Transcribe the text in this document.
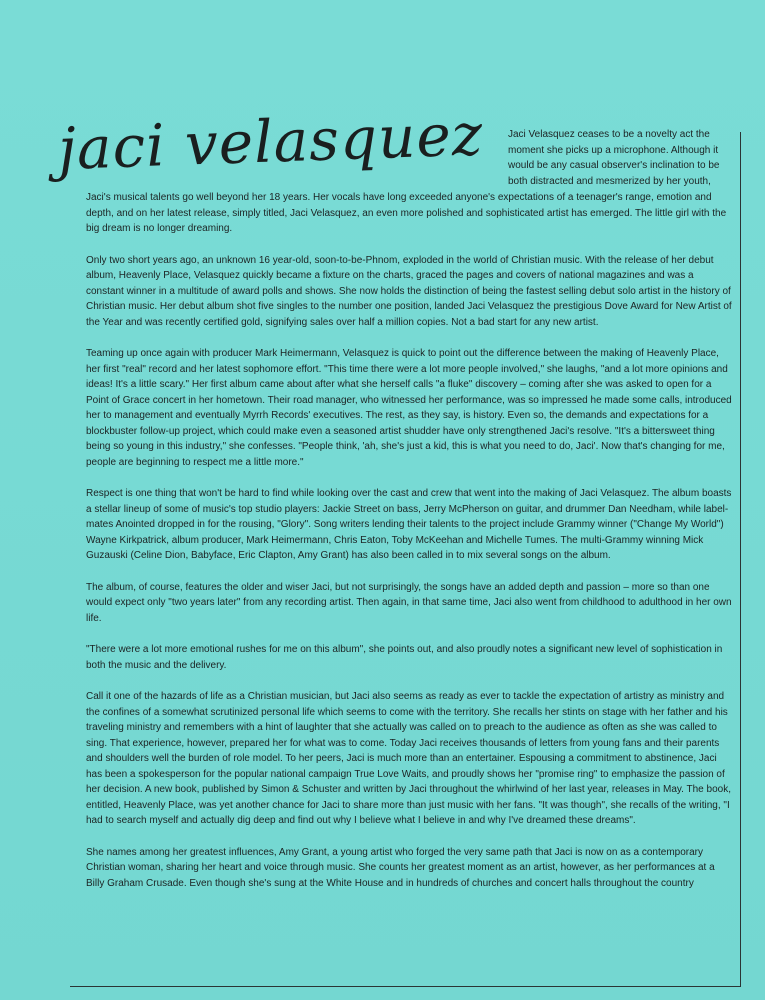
jaci velasquez	Jaci Velasquez ceases to be a novelty act the moment she picks up a microphone. Although it would be any casual observer's inclination to be both distracted and mesmerized by her youth,

Jaci's musical talents go well beyond her 18 years. Her vocals have long exceeded anyone's expectations of a teenager's range, emotion and depth, and on her latest release, simply titled, Jaci Velasquez, an even more polished and sophisticated artist has emerged. The little girl with the big dream is no longer dreaming.

Only two short years ago, an unknown 16 year-old, soon-to-be-Phnom, exploded in the world of Christian music. With the release of her debut album, Heavenly Place, Velasquez quickly became a fixture on the charts, graced the pages and covers of national magazines and was a constant winner in a multitude of award polls and shows. She now holds the distinction of being the fastest selling debut solo artist in the history of Christian music. Her debut album shot five singles to the number one position, landed Jaci Velasquez the prestigious Dove Award for New Artist of the Year and was recently certified gold, signifying sales over half a million copies. Not a bad start for any new artist.

Teaming up once again with producer Mark Heimermann, Velasquez is quick to point out the difference between the making of Heavenly Place, her first "real" record and her latest sophomore effort. "This time there were a lot more people involved," she laughs, "and a lot more opinions and ideas! It's a little scary." Her first album came about after what she herself calls "a fluke" discovery – coming after she was asked to open for a Point of Grace concert in her hometown. Their road manager, who witnessed her performance, was so impressed he made some calls, introduced her to management and eventually Myrrh Records' executives. The rest, as they say, is history. Even so, the demands and expectations for a blockbuster follow-up project, which could make even a seasoned artist shudder have only strengthened Jaci's resolve. "It's a bittersweet thing being so young in this industry," she confesses. "People think, 'ah, she's just a kid, this is what you need to do, Jaci'. Now that's changing for me, people are beginning to respect me a little more."

Respect is one thing that won't be hard to find while looking over the cast and crew that went into the making of Jaci Velasquez. The album boasts a stellar lineup of some of music's top studio players: Jackie Street on bass, Jerry McPherson on guitar, and drummer Dan Needham, while label-mates Anointed dropped in for the rousing, "Glory". Song writers lending their talents to the project include Grammy winner ("Change My World") Wayne Kirkpatrick, album producer, Mark Heimermann, Chris Eaton, Toby McKeehan and Michelle Tumes. The multi-Grammy winning Mick Guzauski (Celine Dion, Babyface, Eric Clapton, Amy Grant) has also been called in to mix several songs on the album.

The album, of course, features the older and wiser Jaci, but not surprisingly, the songs have an added depth and passion – more so than one would expect only "two years later" from any recording artist. Then again, in that same time, Jaci also went from childhood to adulthood in her own life.

"There were a lot more emotional rushes for me on this album", she points out, and also proudly notes a significant new level of sophistication in both the music and the delivery.

Call it one of the hazards of life as a Christian musician, but Jaci also seems as ready as ever to tackle the expectation of artistry as ministry and the confines of a somewhat scrutinized personal life which seems to come with the territory. She recalls her stints on stage with her father and his traveling ministry and remembers with a hint of laughter that she actually was called on to preach to the audience as often as she was called to sing. That experience, however, prepared her for what was to come. Today Jaci receives thousands of letters from young fans and their parents and shoulders well the burden of role model. To her peers, Jaci is much more than an entertainer. Espousing a commitment to abstinence, Jaci has been a spokesperson for the popular national campaign True Love Waits, and proudly shows her "promise ring" to emphasize the passion of her decision. A new book, published by Simon & Schuster and written by Jaci throughout the whirlwind of her last year, releases in May. The book, entitled, Heavenly Place, was yet another chance for Jaci to share more than just music with her fans. "It was though", she recalls of the writing, "I had to search myself and actually dig deep and find out why I believe what I believe in and why I've dreamed these dreams".

She names among her greatest influences, Amy Grant, a young artist who forged the very same path that Jaci is now on as a contemporary Christian woman, sharing her heart and voice through music. She counts her greatest moment as an artist, however, as her performances at a Billy Graham Crusade. Even though she's sung at the White House and in hundreds of churches and concert halls throughout the country
